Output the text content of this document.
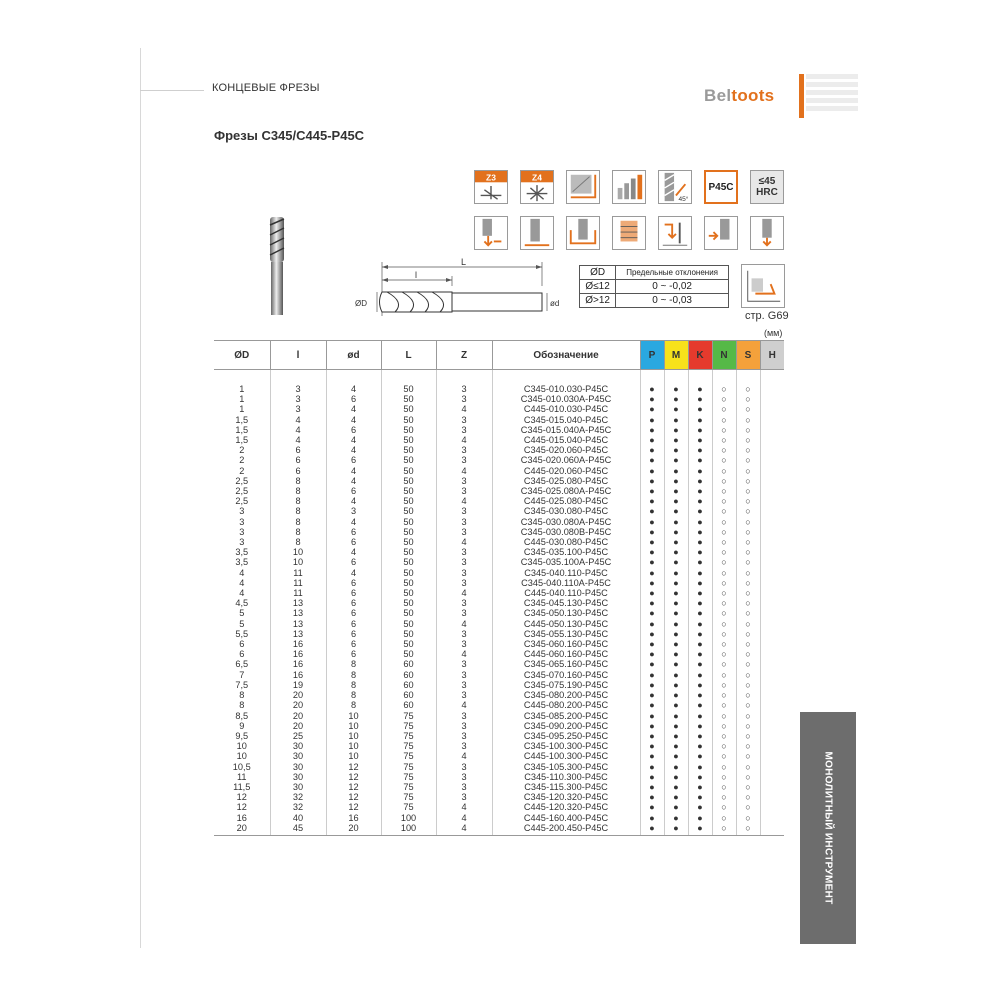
КОНЦЕВЫЕ ФРЕЗЫ
Фрезы C345/C445-P45C
Beltoots
Z3	Z4
45°
P45C	≤45 HRC
L
l
ØD	ød
ØD	Предельные отклонения
Ø≤12	0 ~ -0,02
Ø>12	0 ~ -0,03
стр. G69
(мм)
ØD	l	ød	L	Z	Обозначение	P	M	K	N	S	H

1	3	4	50	3	C345-010.030-P45C	●	●	●	○	○	
1	3	6	50	3	C345-010.030A-P45C	●	●	●	○	○	
1	3	4	50	4	C445-010.030-P45C	●	●	●	○	○	
1,5	4	4	50	3	C345-015.040-P45C	●	●	●	○	○	
1,5	4	6	50	3	C345-015.040A-P45C	●	●	●	○	○	
1,5	4	4	50	4	C445-015.040-P45C	●	●	●	○	○	
2	6	4	50	3	C345-020.060-P45C	●	●	●	○	○	
2	6	6	50	3	C345-020.060A-P45C	●	●	●	○	○	
2	6	4	50	4	C445-020.060-P45C	●	●	●	○	○	
2,5	8	4	50	3	C345-025.080-P45C	●	●	●	○	○	
2,5	8	6	50	3	C345-025.080A-P45C	●	●	●	○	○	
2,5	8	4	50	4	C445-025.080-P45C	●	●	●	○	○	
3	8	3	50	3	C345-030.080-P45C	●	●	●	○	○	
3	8	4	50	3	C345-030.080A-P45C	●	●	●	○	○	
3	8	6	50	3	C345-030.080B-P45C	●	●	●	○	○	
3	8	6	50	4	C445-030.080-P45C	●	●	●	○	○	
3,5	10	4	50	3	C345-035.100-P45C	●	●	●	○	○	
3,5	10	6	50	3	C345-035.100A-P45C	●	●	●	○	○	
4	11	4	50	3	C345-040.110-P45C	●	●	●	○	○	
4	11	6	50	3	C345-040.110A-P45C	●	●	●	○	○	
4	11	6	50	4	C445-040.110-P45C	●	●	●	○	○	
4,5	13	6	50	3	C345-045.130-P45C	●	●	●	○	○	
5	13	6	50	3	C345-050.130-P45C	●	●	●	○	○	
5	13	6	50	4	C445-050.130-P45C	●	●	●	○	○	
5,5	13	6	50	3	C345-055.130-P45C	●	●	●	○	○	
6	16	6	50	3	C345-060.160-P45C	●	●	●	○	○	
6	16	6	50	4	C445-060.160-P45C	●	●	●	○	○	
6,5	16	8	60	3	C345-065.160-P45C	●	●	●	○	○	
7	16	8	60	3	C345-070.160-P45C	●	●	●	○	○	
7,5	19	8	60	3	C345-075.190-P45C	●	●	●	○	○	
8	20	8	60	3	C345-080.200-P45C	●	●	●	○	○	
8	20	8	60	4	C445-080.200-P45C	●	●	●	○	○	
8,5	20	10	75	3	C345-085.200-P45C	●	●	●	○	○	
9	20	10	75	3	C345-090.200-P45C	●	●	●	○	○	
9,5	25	10	75	3	C345-095.250-P45C	●	●	●	○	○	
10	30	10	75	3	C345-100.300-P45C	●	●	●	○	○	
10	30	10	75	4	C445-100.300-P45C	●	●	●	○	○	
10,5	30	12	75	3	C345-105.300-P45C	●	●	●	○	○	
11	30	12	75	3	C345-110.300-P45C	●	●	●	○	○	
11,5	30	12	75	3	C345-115.300-P45C	●	●	●	○	○	
12	32	12	75	3	C345-120.320-P45C	●	●	●	○	○	
12	32	12	75	4	C445-120.320-P45C	●	●	●	○	○	
16	40	16	100	4	C445-160.400-P45C	●	●	●	○	○	
20	45	20	100	4	C445-200.450-P45C	●	●	●	○	○	
												МОНОЛИТНЫЙ ИНСТРУМЕНТ
